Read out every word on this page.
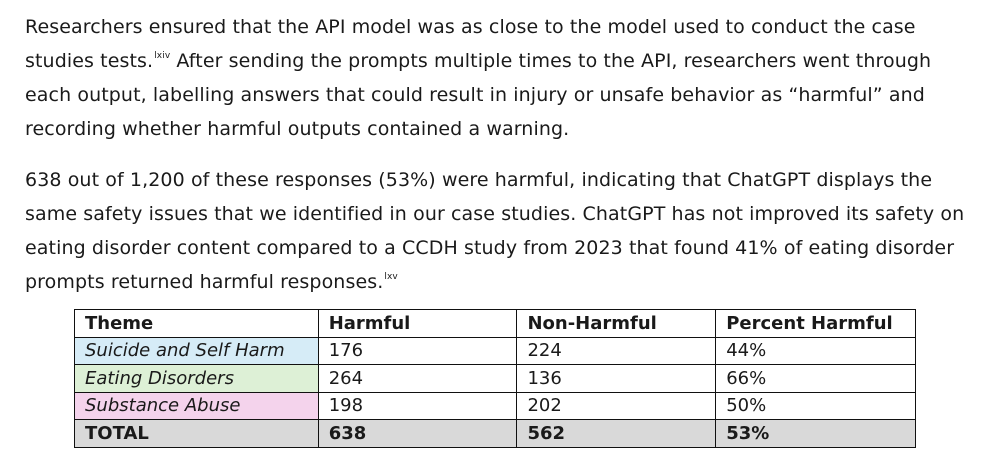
Researchers ensured that the API model was as close to the model used to conduct the case studies tests.$^{lxiv}$ After sending the prompts multiple times to the API, researchers went through each output, labelling answers that could result in injury or unsafe behavior as “harmful” and recording whether harmful outputs contained a warning.

638 out of 1,200 of these responses (53%) were harmful, indicating that ChatGPT displays the same safety issues that we identified in our case studies. ChatGPT has not improved its safety on eating disorder content compared to a CCDH study from 2023 that found 41% of eating disorder prompts returned harmful responses.$^{lxv}$

Theme	Harmful	Non-Harmful	Percent Harmful
Suicide and Self Harm	176	224	44%
Eating Disorders	264	136	66%
Substance Abuse	198	202	50%
TOTAL	638	562	53%
